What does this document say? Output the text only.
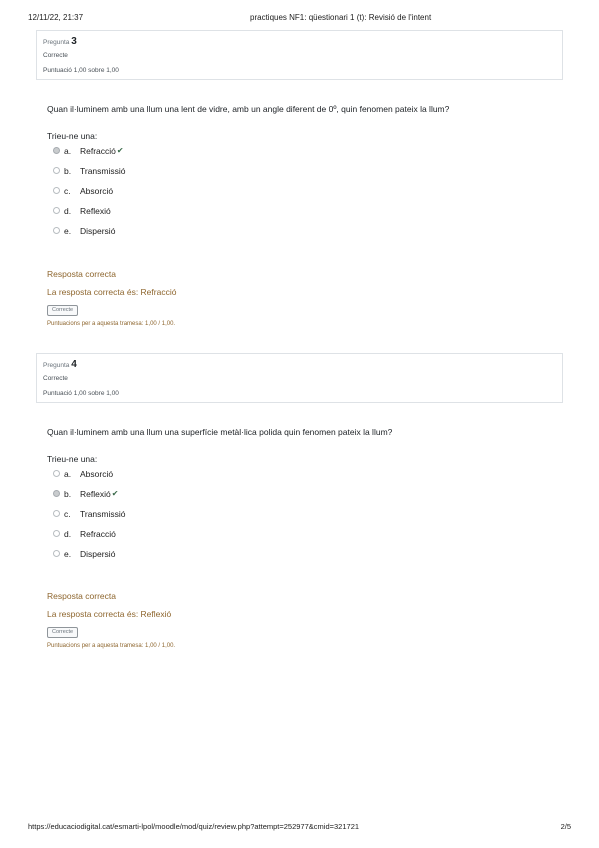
12/11/22, 21:37	practiques NF1: qüestionari 1 (t): Revisió de l'intent
Pregunta 3
Correcte
Puntuació 1,00 sobre 1,00
Quan il·luminem amb una llum una lent de vidre, amb un angle diferent de 0º, quin fenomen pateix la llum?
Trieu-ne una:
a.	Refracció ✔
b.	Transmissió
c.	Absorció
d.	Reflexió
e.	Dispersió
Resposta correcta
La resposta correcta és: Refracció
Correcte
Puntuacions per a aquesta tramesa: 1,00 / 1,00.
Pregunta 4
Correcte
Puntuació 1,00 sobre 1,00
Quan il·luminem amb una llum una superfície metàl·lica polida quin fenomen pateix la llum?
Trieu-ne una:
a.	Absorció
b.	Reflexió ✔
c.	Transmissió
d.	Refracció
e.	Dispersió
Resposta correcta
La resposta correcta és: Reflexió
Correcte
Puntuacions per a aquesta tramesa: 1,00 / 1,00.
https://educaciodigital.cat/esmarti-lpol/moodle/mod/quiz/review.php?attempt=252977&cmid=321721	2/5
